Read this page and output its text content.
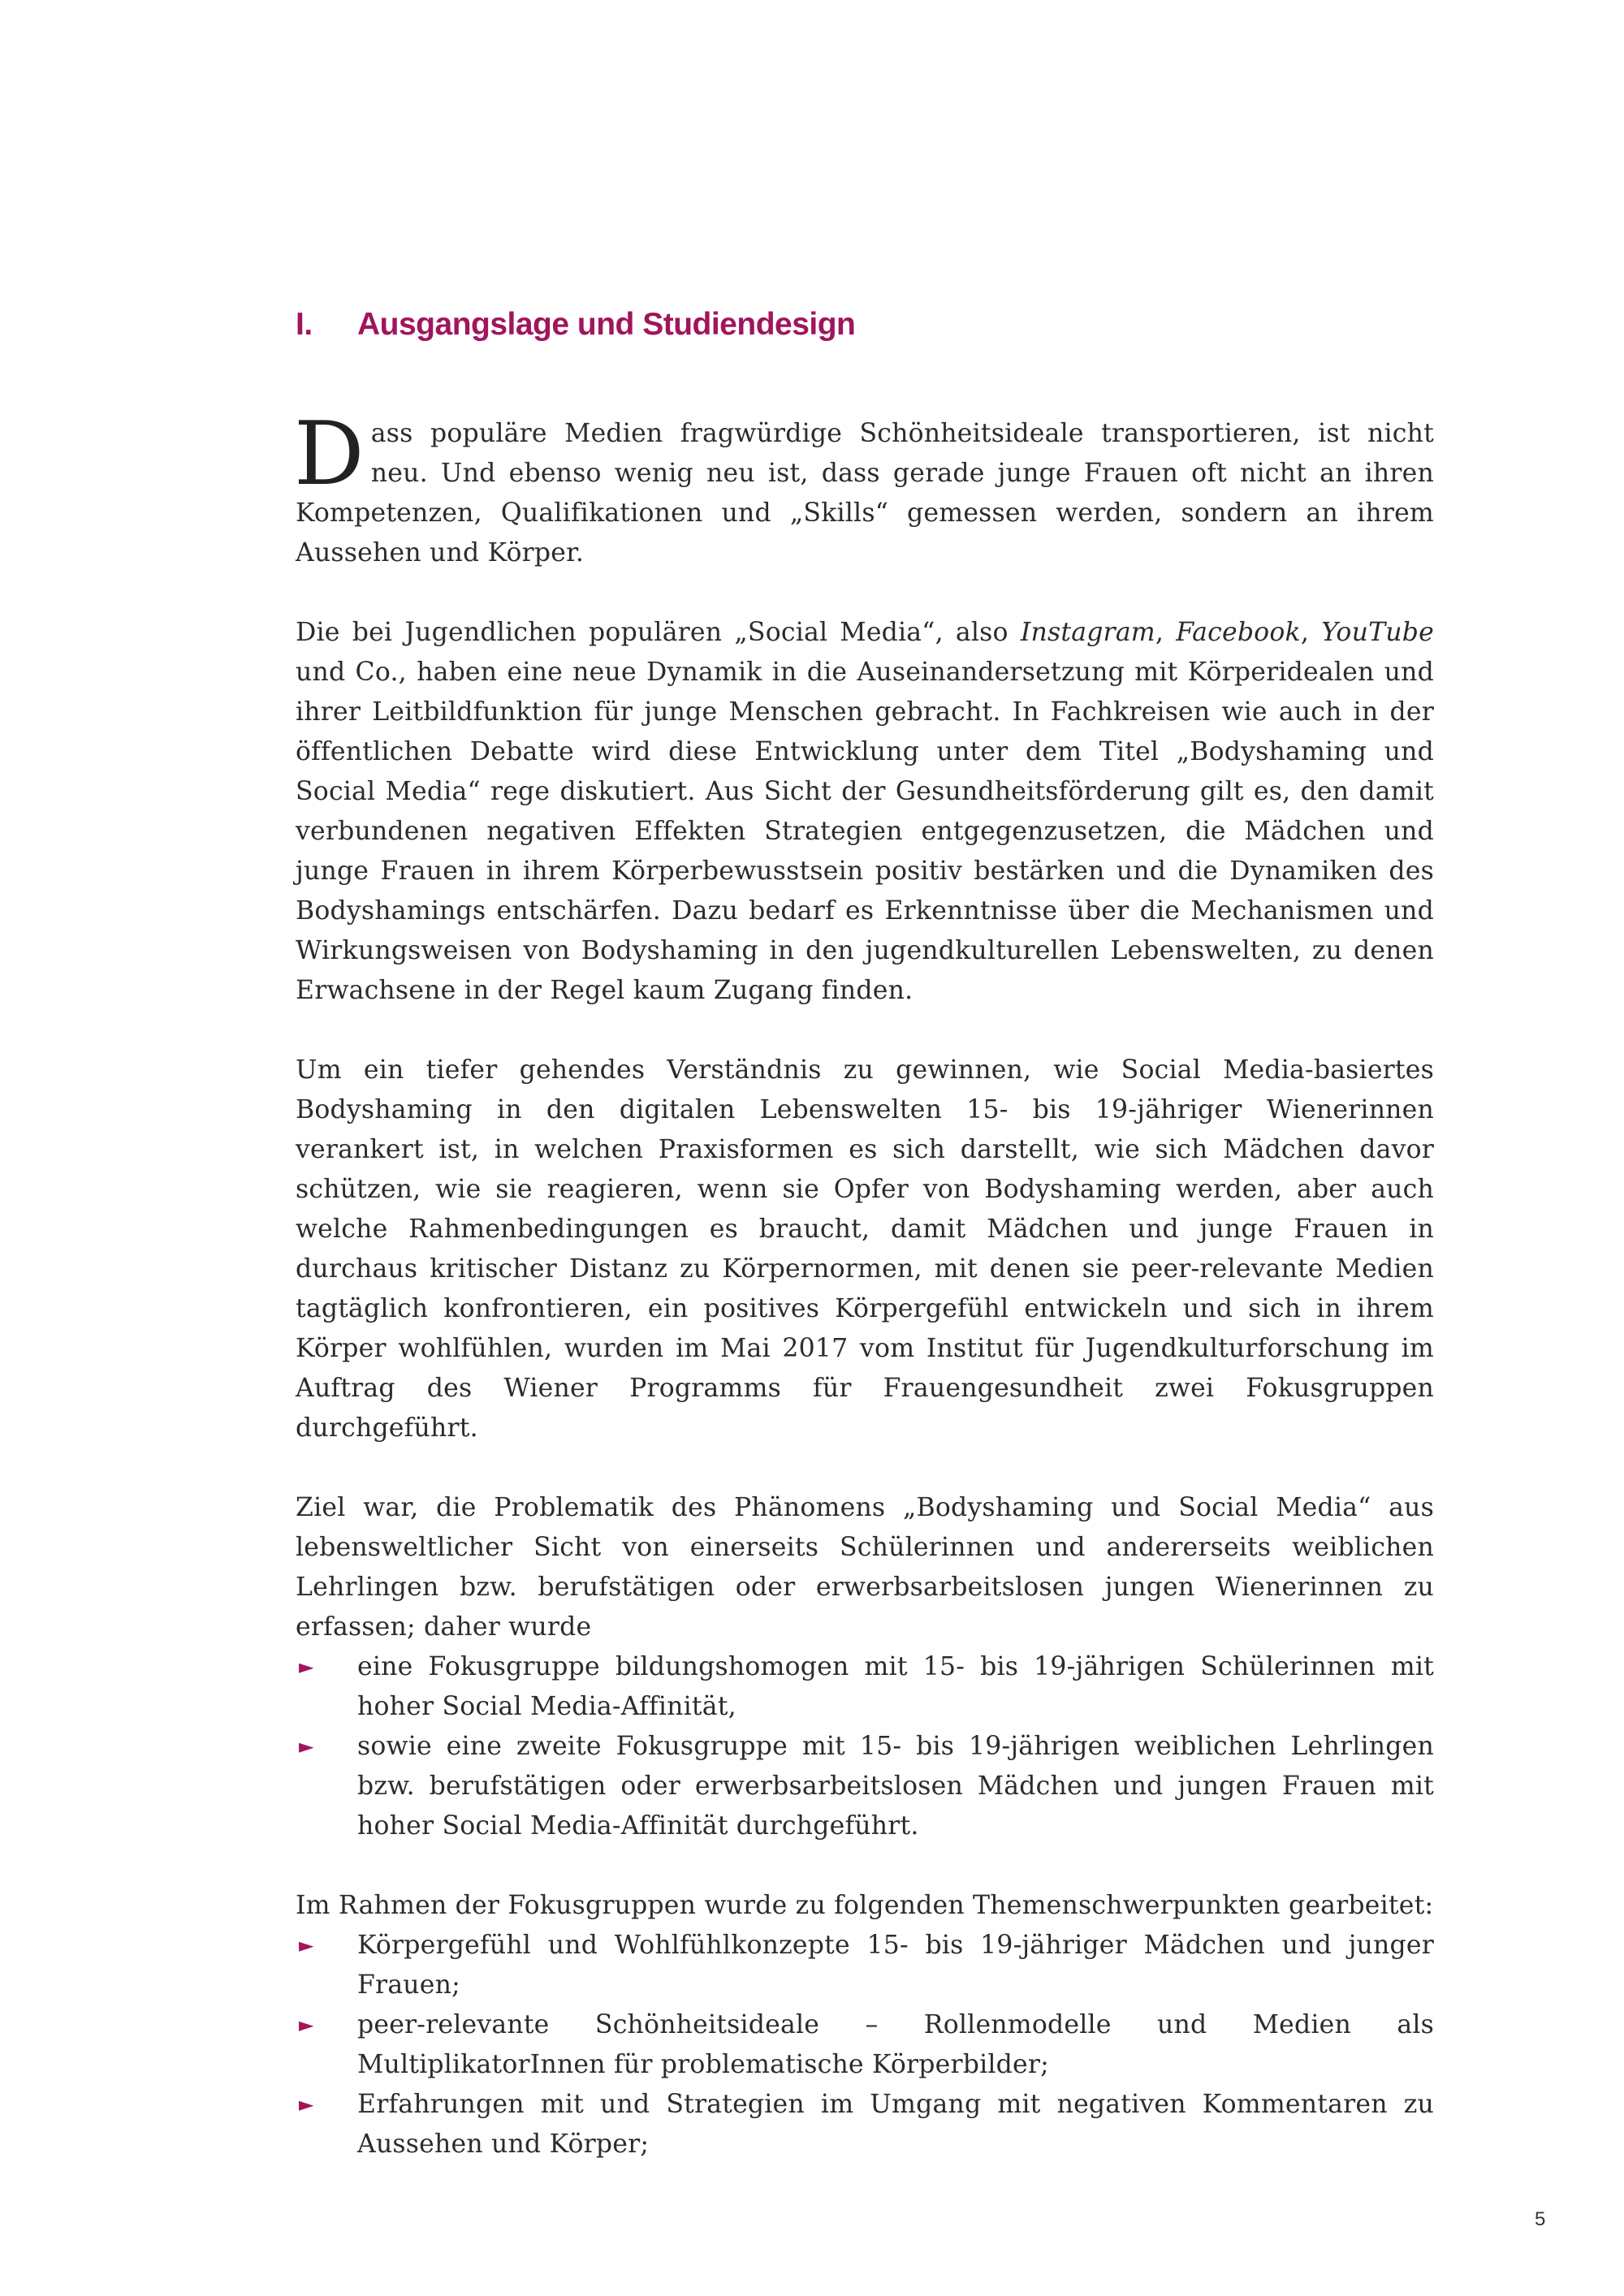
I. Ausgangslage und Studiendesign

Dass populäre Medien fragwürdige Schönheitsideale transportieren, ist nicht neu. Und ebenso wenig neu ist, dass gerade junge Frauen oft nicht an ihren Kompetenzen, Qualifikationen und „Skills“ gemessen werden, sondern an ihrem Aussehen und Körper.

Die bei Jugendlichen populären „Social Media“, also Instagram, Facebook, YouTube und Co., haben eine neue Dynamik in die Auseinandersetzung mit Körperidealen und ihrer Leitbildfunktion für junge Menschen gebracht. In Fachkreisen wie auch in der öffentlichen Debatte wird diese Entwicklung unter dem Titel „Bodyshaming und Social Media“ rege diskutiert. Aus Sicht der Gesundheitsförderung gilt es, den damit verbundenen negativen Effekten Strategien entgegenzusetzen, die Mädchen und junge Frauen in ihrem Körperbewusstsein positiv bestärken und die Dynamiken des Bodyshamings entschärfen. Dazu bedarf es Erkenntnisse über die Mechanismen und Wirkungsweisen von Bodyshaming in den jugendkulturellen Lebenswelten, zu denen Erwachsene in der Regel kaum Zugang finden.

Um ein tiefer gehendes Verständnis zu gewinnen, wie Social Media-basiertes Bodyshaming in den digitalen Lebenswelten 15- bis 19-jähriger Wienerinnen verankert ist, in welchen Praxisformen es sich darstellt, wie sich Mädchen davor schützen, wie sie reagieren, wenn sie Opfer von Bodyshaming werden, aber auch welche Rahmenbedingungen es braucht, damit Mädchen und junge Frauen in durchaus kritischer Distanz zu Körpernormen, mit denen sie peer-relevante Medien tagtäglich konfrontieren, ein positives Körpergefühl entwickeln und sich in ihrem Körper wohlfühlen, wurden im Mai 2017 vom Institut für Jugendkulturforschung im Auftrag des Wiener Programms für Frauengesundheit zwei Fokusgruppen durchgeführt.

Ziel war, die Problematik des Phänomens „Bodyshaming und Social Media“ aus lebensweltlicher Sicht von einerseits Schülerinnen und andererseits weiblichen Lehrlingen bzw. berufstätigen oder erwerbsarbeitslosen jungen Wienerinnen zu erfassen; daher wurde

► eine Fokusgruppe bildungshomogen mit 15- bis 19-jährigen Schülerinnen mit hoher Social Media-Affinität,
► sowie eine zweite Fokusgruppe mit 15- bis 19-jährigen weiblichen Lehrlingen bzw. berufstätigen oder erwerbsarbeitslosen Mädchen und jungen Frauen mit hoher Social Media-Affinität durchgeführt.

Im Rahmen der Fokusgruppen wurde zu folgenden Themenschwerpunkten gearbeitet:

► Körpergefühl und Wohlfühlkonzepte 15- bis 19-jähriger Mädchen und junger Frauen;
► peer-relevante Schönheitsideale – Rollenmodelle und Medien als MultiplikatorInnen für problematische Körperbilder;
► Erfahrungen mit und Strategien im Umgang mit negativen Kommentaren zu Aussehen und Körper;
5
